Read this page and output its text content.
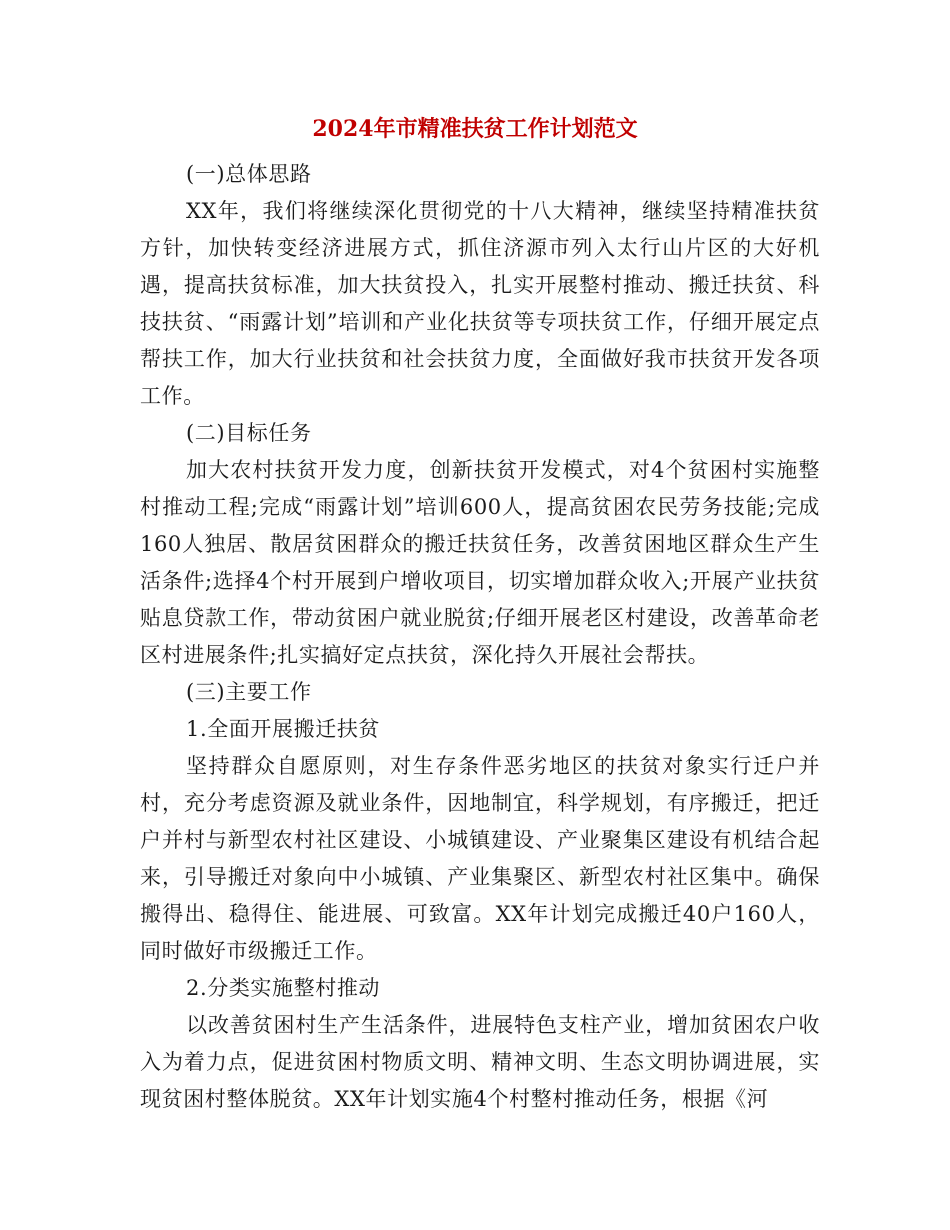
2024年市精准扶贫工作计划范文

(一)总体思路

XX年，我们将继续深化贯彻党的十八大精神，继续坚持精准扶贫方针，加快转变经济进展方式，抓住济源市列入太行山片区的大好机遇，提高扶贫标准，加大扶贫投入，扎实开展整村推动、搬迁扶贫、科技扶贫、“雨露计划”培训和产业化扶贫等专项扶贫工作，仔细开展定点帮扶工作，加大行业扶贫和社会扶贫力度，全面做好我市扶贫开发各项工作。

(二)目标任务

加大农村扶贫开发力度，创新扶贫开发模式，对4个贫困村实施整村推动工程;完成“雨露计划”培训600人，提高贫困农民劳务技能;完成160人独居、散居贫困群众的搬迁扶贫任务，改善贫困地区群众生产生活条件;选择4个村开展到户增收项目，切实增加群众收入;开展产业扶贫贴息贷款工作，带动贫困户就业脱贫;仔细开展老区村建设，改善革命老区村进展条件;扎实搞好定点扶贫，深化持久开展社会帮扶。

(三)主要工作

1.全面开展搬迁扶贫

坚持群众自愿原则，对生存条件恶劣地区的扶贫对象实行迁户并村，充分考虑资源及就业条件，因地制宜，科学规划，有序搬迁，把迁户并村与新型农村社区建设、小城镇建设、产业聚集区建设有机结合起来，引导搬迁对象向中小城镇、产业集聚区、新型农村社区集中。确保搬得出、稳得住、能进展、可致富。XX年计划完成搬迁40户160人，同时做好市级搬迁工作。

2.分类实施整村推动

以改善贫困村生产生活条件，进展特色支柱产业，增加贫困农户收入为着力点，促进贫困村物质文明、精神文明、生态文明协调进展，实现贫困村整体脱贫。XX年计划实施4个村整村推动任务，根据《河
